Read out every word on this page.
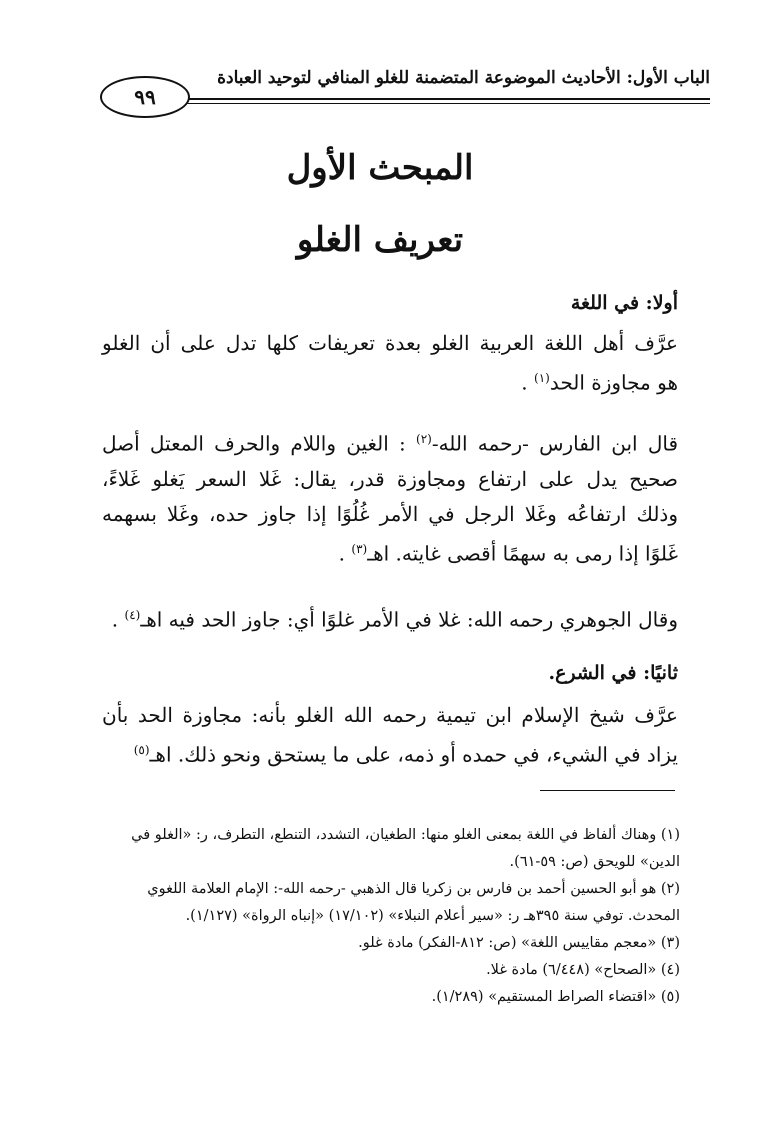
الباب الأول: الأحاديث الموضوعة المتضمنة للغلو المنافي لتوحيد العبادة
٩٩
المبحث الأول
تعريف الغلو
أولا: في اللغة
عرَّف أهل اللغة العربية الغلو بعدة تعريفات كلها تدل على أن الغلو
هو مجاوزة الحد$^{(١)}$ .
قال ابن الفارس -رحمه الله-$^{(٢)}$ : الغين واللام والحرف المعتل أصل
صحيح يدل على ارتفاع ومجاوزة قدر، يقال: غَلا السعر يَغلو غَلاءً،
وذلك ارتفاعُه وغَلا الرجل في الأمر غُلُوًا إذا جاوز حده، وغَلا بسهمه
غَلوًا إذا رمى به سهمًا أقصى غايته. اهـ$^{(٣)}$ .
وقال الجوهري رحمه الله: غلا في الأمر غلوًا أي: جاوز الحد فيه اهـ$^{(٤)}$ .
ثانيًا: في الشرع.
عرَّف شيخ الإسلام ابن تيمية رحمه الله الغلو بأنه: مجاوزة الحد بأن
يزاد في الشيء، في حمده أو ذمه، على ما يستحق ونحو ذلك. اهـ$^{(٥)}$
(١) وهناك ألفاظ في اللغة بمعنى الغلو منها: الطغيان، التشدد، التنطع، التطرف، ر: «الغلو في
الدين» للويحق (ص: ٥٩-٦١).
(٢) هو أبو الحسين أحمد بن فارس بن زكريا قال الذهبي -رحمه الله-: الإمام العلامة اللغوي
المحدث. توفي سنة ٣٩٥هـ ر: «سير أعلام النبلاء» (١٧/١٠٢) «إنباه الرواة» (١/١٢٧).
(٣) «معجم مقاييس اللغة» (ص: ٨١٢-الفكر) مادة غلو.
(٤) «الصحاح» (٦/٤٤٨) مادة غلا.
(٥) «اقتضاء الصراط المستقيم» (١/٢٨٩).
